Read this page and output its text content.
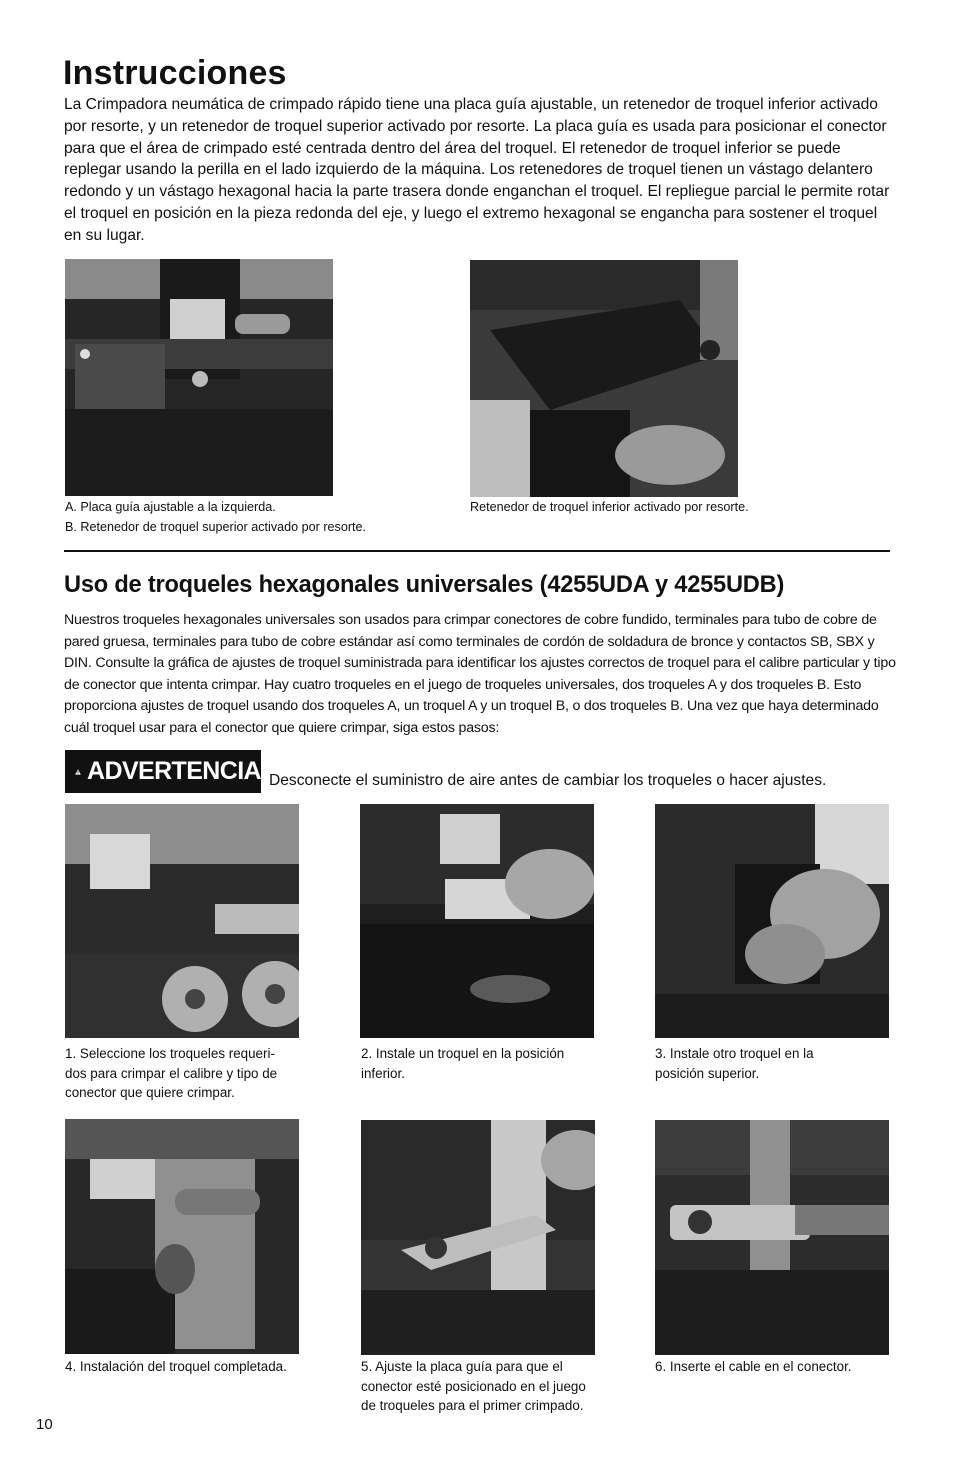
Instrucciones

La Crimpadora neumática de crimpado rápido tiene una placa guía ajustable, un retenedor de troquel inferior activado por resorte, y un retenedor de troquel superior activado por resorte. La placa guía es usada para posicionar el conector para que el área de crimpado esté centrada dentro del área del troquel. El retenedor de troquel inferior se puede replegar usando la perilla en el lado izquierdo de la máquina. Los retenedores de troquel tienen un vástago delantero redondo y un vástago hexagonal hacia la parte trasera donde enganchan el troquel. El repliegue parcial le permite rotar el troquel en posición en la pieza redonda del eje, y luego el extremo hexagonal se engancha para sostener el troquel en su lugar.

A. Placa guía ajustable a la izquierda.
B. Retenedor de troquel superior activado por resorte.
Retenedor de troquel inferior activado por resorte.
Uso de troqueles hexagonales universales (4255UDA y 4255UDB)

Nuestros troqueles hexagonales universales son usados para crimpar conectores de cobre fundido, terminales para tubo de cobre de pared gruesa, terminales para tubo de cobre estándar así como terminales de cordón de soldadura de bronce y contactos SB, SBX y DIN. Consulte la gráfica de ajustes de troquel suministrada para identificar los ajustes correctos de troquel para el calibre particular y tipo de conector que intenta crimpar. Hay cuatro troqueles en el juego de troqueles universales, dos troqueles A y dos troqueles B. Esto proporciona ajustes de troquel usando dos troqueles A, un troquel A y un troquel B, o dos troqueles B. Una vez que haya determinado cuál troquel usar para el conector que quiere crimpar, siga estos pasos:

ADVERTENCIA Desconecte el suministro de aire antes de cambiar los troqueles o hacer ajustes.

1. Seleccione los troqueles requeri-
dos para crimpar el calibre y tipo de
conector que quiere crimpar.
2. Instale un troquel en la posición
inferior.
3. Instale otro troquel en la
posición superior.
4. Instalación del troquel completada.	5. Ajuste la placa guía para que el
conector esté posicionado en el juego
de troqueles para el primer crimpado.
6. Inserte el cable en el conector.

10
